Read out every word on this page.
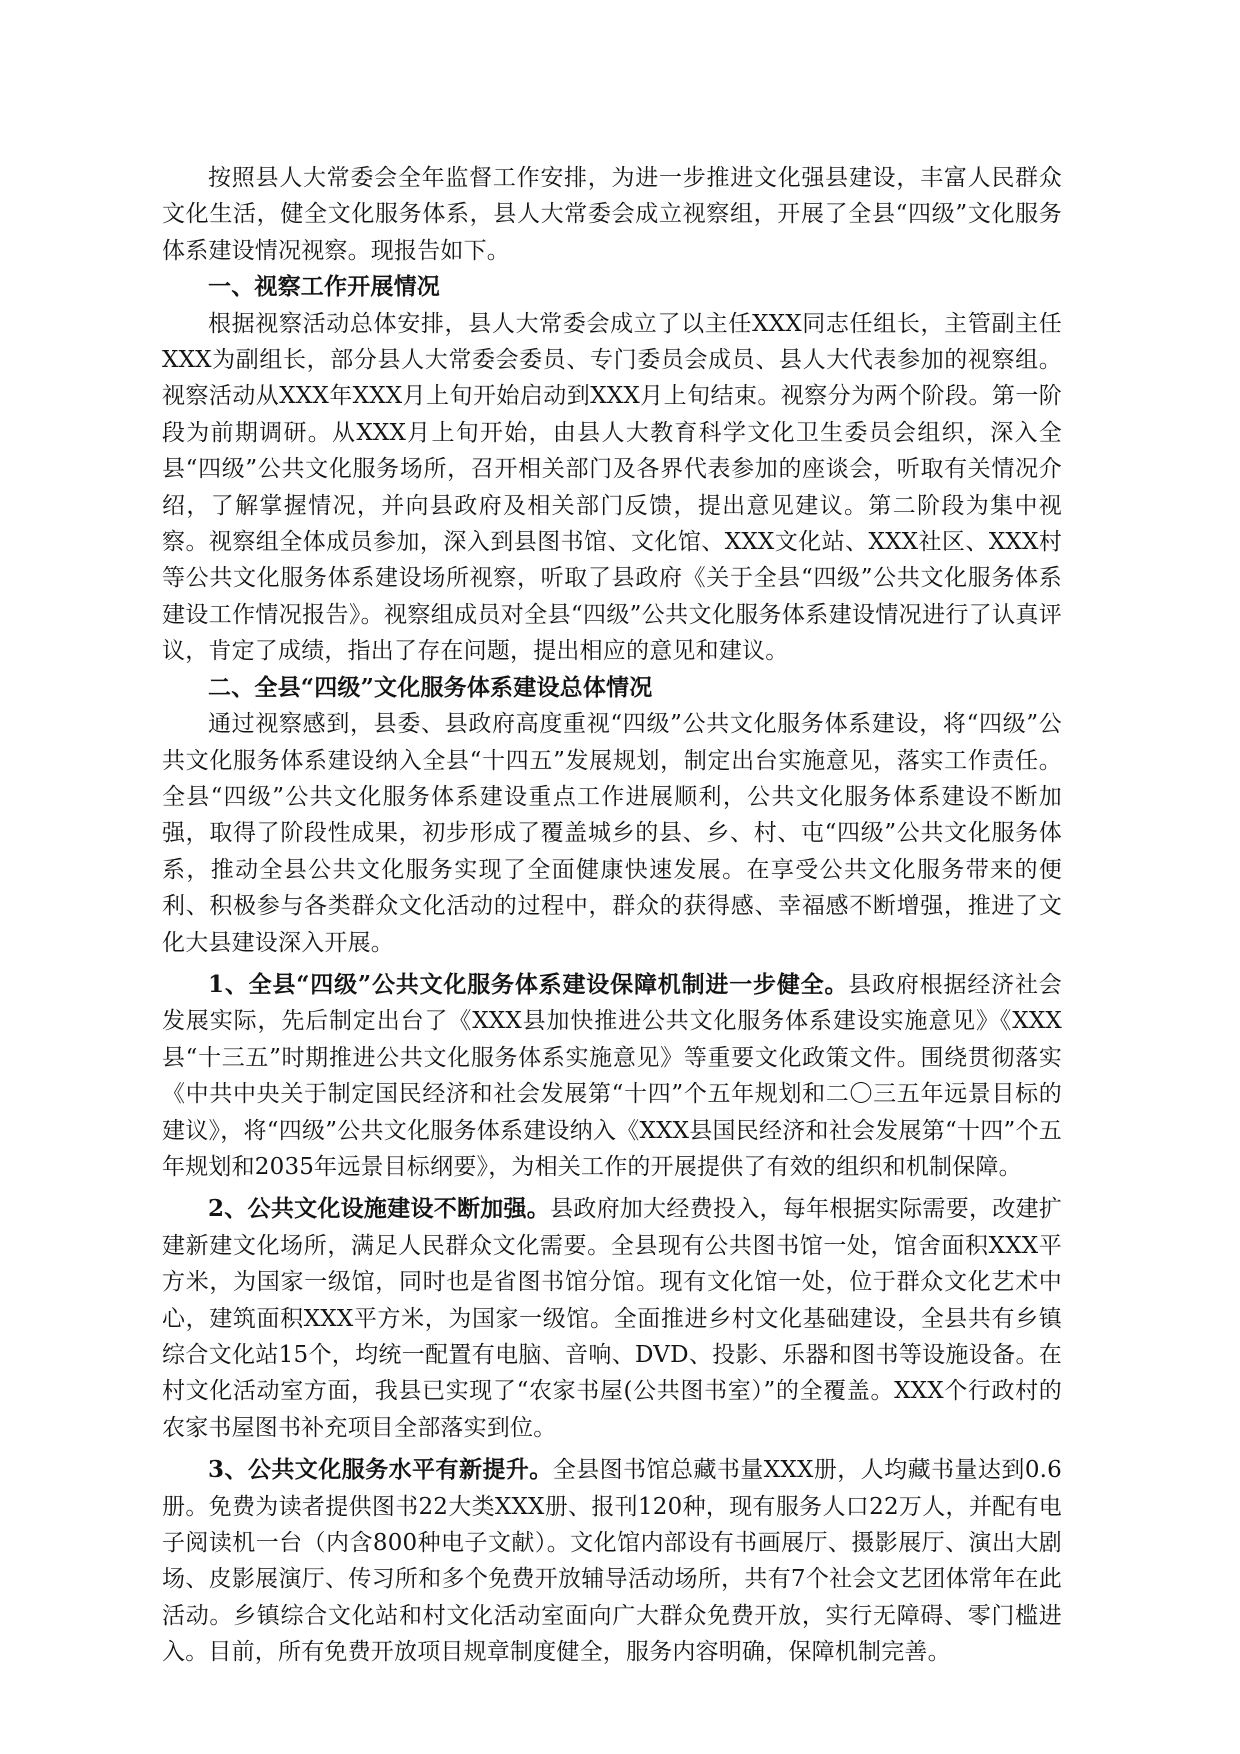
按照县人大常委会全年监督工作安排，为进一步推进文化强县建设，丰富人民群众文化生活，健全文化服务体系，县人大常委会成立视察组，开展了全县“四级”文化服务体系建设情况视察。现报告如下。

一、视察工作开展情况

根据视察活动总体安排，县人大常委会成立了以主任XXX同志任组长，主管副主任XXX为副组长，部分县人大常委会委员、专门委员会成员、县人大代表参加的视察组。视察活动从XXX年XXX月上旬开始启动到XXX月上旬结束。视察分为两个阶段。第一阶段为前期调研。从XXX月上旬开始，由县人大教育科学文化卫生委员会组织，深入全县“四级”公共文化服务场所，召开相关部门及各界代表参加的座谈会，听取有关情况介绍，了解掌握情况，并向县政府及相关部门反馈，提出意见建议。第二阶段为集中视察。视察组全体成员参加，深入到县图书馆、文化馆、XXX文化站、XXX社区、XXX村等公共文化服务体系建设场所视察，听取了县政府《关于全县“四级”公共文化服务体系建设工作情况报告》。视察组成员对全县“四级”公共文化服务体系建设情况进行了认真评议，肯定了成绩，指出了存在问题，提出相应的意见和建议。

二、全县“四级”文化服务体系建设总体情况

通过视察感到，县委、县政府高度重视“四级”公共文化服务体系建设，将“四级”公共文化服务体系建设纳入全县“十四五”发展规划，制定出台实施意见，落实工作责任。全县“四级”公共文化服务体系建设重点工作进展顺利，公共文化服务体系建设不断加强，取得了阶段性成果，初步形成了覆盖城乡的县、乡、村、屯“四级”公共文化服务体系，推动全县公共文化服务实现了全面健康快速发展。在享受公共文化服务带来的便利、积极参与各类群众文化活动的过程中，群众的获得感、幸福感不断增强，推进了文化大县建设深入开展。

1、全县“四级”公共文化服务体系建设保障机制进一步健全。县政府根据经济社会发展实际，先后制定出台了《XXX县加快推进公共文化服务体系建设实施意见》《XXX县“十三五”时期推进公共文化服务体系实施意见》等重要文化政策文件。围绕贯彻落实《中共中央关于制定国民经济和社会发展第“十四”个五年规划和二〇三五年远景目标的建议》，将“四级”公共文化服务体系建设纳入《XXX县国民经济和社会发展第“十四”个五年规划和2035年远景目标纲要》，为相关工作的开展提供了有效的组织和机制保障。

2、公共文化设施建设不断加强。县政府加大经费投入，每年根据实际需要，改建扩建新建文化场所，满足人民群众文化需要。全县现有公共图书馆一处，馆舍面积XXX平方米，为国家一级馆，同时也是省图书馆分馆。现有文化馆一处，位于群众文化艺术中心，建筑面积XXX平方米，为国家一级馆。全面推进乡村文化基础建设，全县共有乡镇综合文化站15个，均统一配置有电脑、音响、DVD、投影、乐器和图书等设施设备。在村文化活动室方面，我县已实现了“农家书屋(公共图书室）”的全覆盖。XXX个行政村的农家书屋图书补充项目全部落实到位。

3、公共文化服务水平有新提升。全县图书馆总藏书量XXX册，人均藏书量达到0.6册。免费为读者提供图书22大类XXX册、报刊120种，现有服务人口22万人，并配有电子阅读机一台（内含800种电子文献）。文化馆内部设有书画展厅、摄影展厅、演出大剧场、皮影展演厅、传习所和多个免费开放辅导活动场所，共有7个社会文艺团体常年在此活动。乡镇综合文化站和村文化活动室面向广大群众免费开放，实行无障碍、零门槛进入。目前，所有免费开放项目规章制度健全，服务内容明确，保障机制完善。
